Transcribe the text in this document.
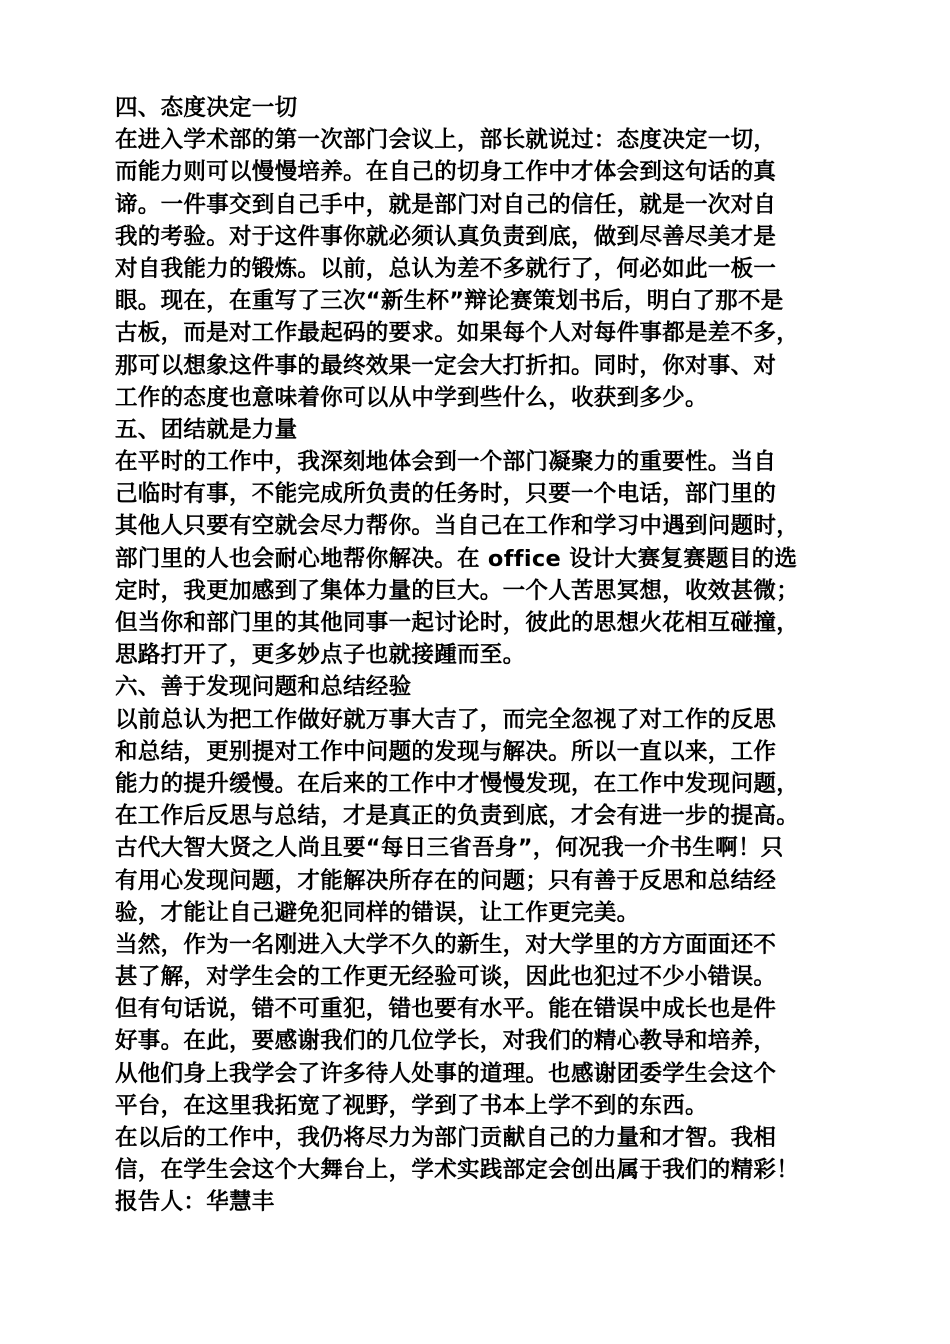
四、态度决定一切
在进入学术部的第一次部门会议上，部长就说过：态度决定一切，
而能力则可以慢慢培养。在自己的切身工作中才体会到这句话的真
谛。一件事交到自己手中，就是部门对自己的信任，就是一次对自
我的考验。对于这件事你就必须认真负责到底，做到尽善尽美才是
对自我能力的锻炼。以前，总认为差不多就行了，何必如此一板一
眼。现在，在重写了三次“新生杯”辩论赛策划书后，明白了那不是
古板，而是对工作最起码的要求。如果每个人对每件事都是差不多，
那可以想象这件事的最终效果一定会大打折扣。同时，你对事、对
工作的态度也意味着你可以从中学到些什么，收获到多少。
五、团结就是力量
在平时的工作中，我深刻地体会到一个部门凝聚力的重要性。当自
己临时有事，不能完成所负责的任务时，只要一个电话，部门里的
其他人只要有空就会尽力帮你。当自己在工作和学习中遇到问题时，
部门里的人也会耐心地帮你解决。在 office 设计大赛复赛题目的选
定时，我更加感到了集体力量的巨大。一个人苦思冥想，收效甚微；
但当你和部门里的其他同事一起讨论时，彼此的思想火花相互碰撞，
思路打开了，更多妙点子也就接踵而至。
六、善于发现问题和总结经验
以前总认为把工作做好就万事大吉了，而完全忽视了对工作的反思
和总结，更别提对工作中问题的发现与解决。所以一直以来，工作
能力的提升缓慢。在后来的工作中才慢慢发现，在工作中发现问题，
在工作后反思与总结，才是真正的负责到底，才会有进一步的提高。
古代大智大贤之人尚且要“每日三省吾身”，何况我一介书生啊！只
有用心发现问题，才能解决所存在的问题；只有善于反思和总结经
验，才能让自己避免犯同样的错误，让工作更完美。
当然，作为一名刚进入大学不久的新生，对大学里的方方面面还不
甚了解，对学生会的工作更无经验可谈，因此也犯过不少小错误。
但有句话说，错不可重犯，错也要有水平。能在错误中成长也是件
好事。在此，要感谢我们的几位学长，对我们的精心教导和培养，
从他们身上我学会了许多待人处事的道理。也感谢团委学生会这个
平台，在这里我拓宽了视野，学到了书本上学不到的东西。
在以后的工作中，我仍将尽力为部门贡献自己的力量和才智。我相
信，在学生会这个大舞台上，学术实践部定会创出属于我们的精彩！
报告人：华慧丰
